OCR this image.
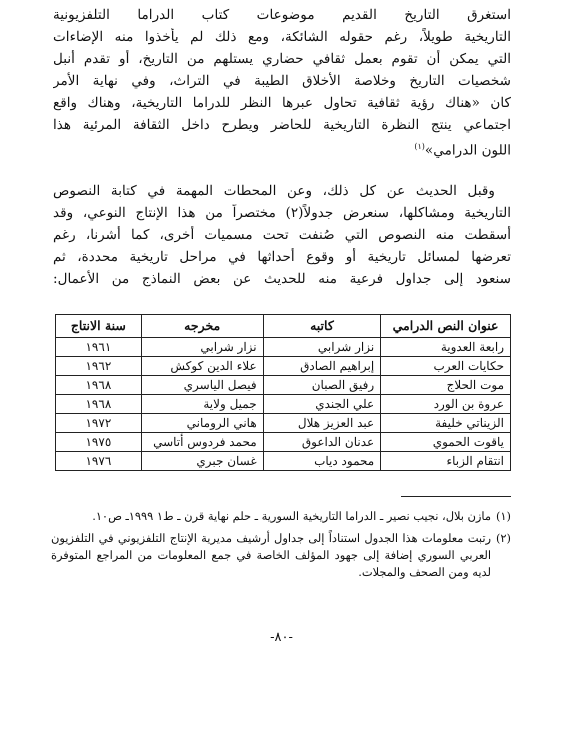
استغرق التاريخ القديم موضوعات كتاب الدراما التلفزيونية
التاريخية طويلاً، رغم حقوله الشائكة، ومع ذلك لم يأخذوا منه الإضاءات
التي يمكن أن تقوم بعمل ثقافي حضاري يستلهم من التاريخ، أو تقدم أنبل
شخصيات التاريخ وخلاصة الأخلاق الطيبة في التراث، وفي نهاية الأمر
كان «هناك رؤية ثقافية تحاول عبرها النظر للدراما التاريخية، وهناك واقع
اجتماعي ينتج النظرة التاريخية للحاضر ويطرح داخل الثقافة المرئية هذا
اللون الدرامي»$^{(١)}$
وقبل الحديث عن كل ذلك، وعن المحطات المهمة في كتابة النصوص
التاريخية ومشاكلها، سنعرض جدولاً(٢) مختصراً من هذا الإنتاج النوعي، وقد
أسقطت منه النصوص التي صُنفت تحت مسميات أخرى، كما أشرنا، رغم
تعرضها لمسائل تاريخية أو وقوع أحداثها في مراحل تاريخية محددة، ثم
سنعود إلى جداول فرعية منه للحديث عن بعض النماذج من الأعمال:
عنوان النص الدرامي	كاتبه	مخرجه	سنة الانتاج
رابعة العدوية	نزار شرابي	نزار شرابي	١٩٦١
حكايات العرب	إبراهيم الصادق	علاء الدين كوكش	١٩٦٢
موت الحلاج	رفيق الصبان	فيصل الياسري	١٩٦٨
عروة بن الورد	علي الجندي	جميل ولاية	١٩٦٨
الزيناتي خليفة	عبد العزيز هلال	هاني الروماني	١٩٧٢
ياقوت الحموي	عدنان الداعوق	محمد فردوس أتاسي	١٩٧٥
انتقام الزباء	محمود دياب	غسان جبري	١٩٧٦
(١)
مازن بلال، نجيب نصير ـ الدراما التاريخية السورية ـ حلم نهاية قرن ـ ط١ ١٩٩٩ـ ص١٠.
(٢)
رتبت معلومات هذا الجدول استناداً إلى جداول أرشيف مديرية الإنتاج التلفزيوني في التلفزيون العربي السوري إضافة إلى جهود المؤلف الخاصة في جمع المعلومات من المراجع المتوفرة لديه ومن الصحف والمجلات.
-٨٠-
